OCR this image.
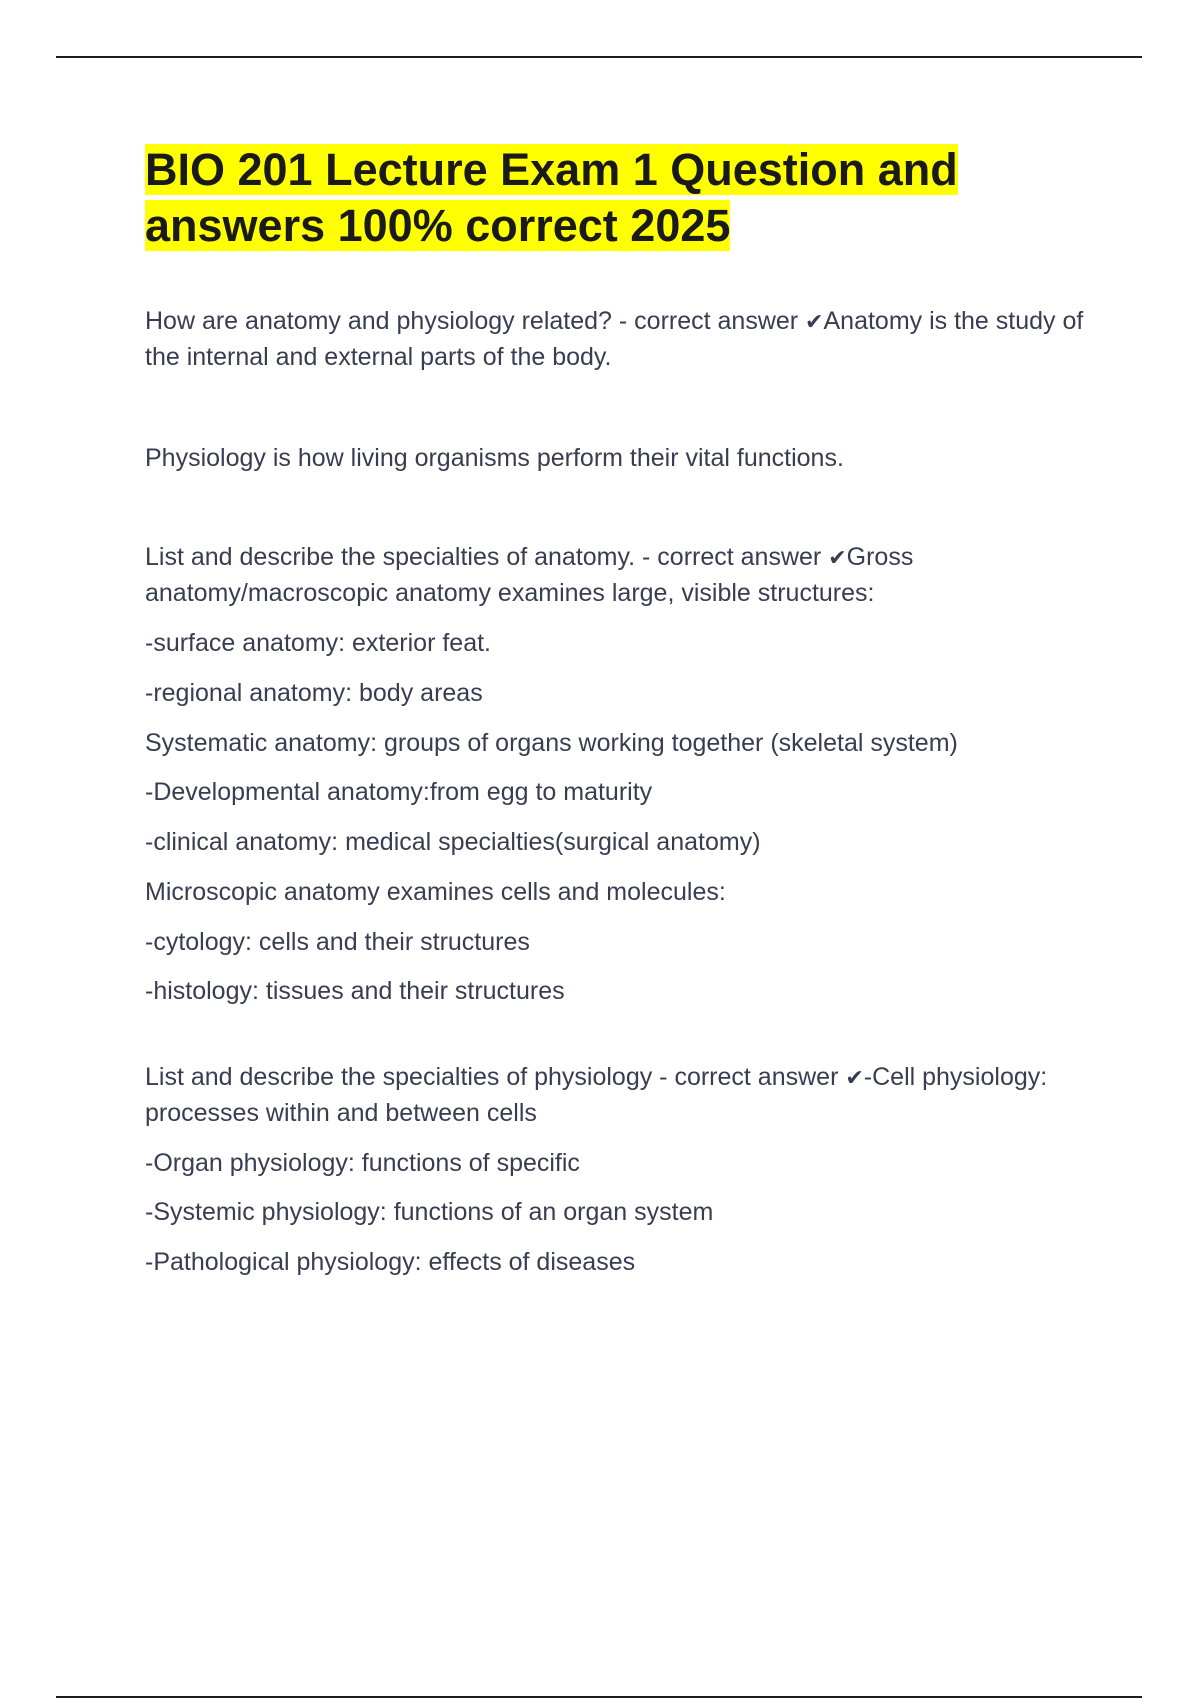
BIO 201 Lecture Exam 1 Question and answers 100% correct 2025

How are anatomy and physiology related? - correct answer ✔Anatomy is the study of the internal and external parts of the body.

Physiology is how living organisms perform their vital functions.

List and describe the specialties of anatomy. - correct answer ✔Gross anatomy/macroscopic anatomy examines large, visible structures:

-surface anatomy: exterior feat.

-regional anatomy: body areas

Systematic anatomy: groups of organs working together (skeletal system)

-Developmental anatomy:from egg to maturity

-clinical anatomy: medical specialties(surgical anatomy)

Microscopic anatomy examines cells and molecules:

-cytology: cells and their structures

-histology: tissues and their structures

List and describe the specialties of physiology - correct answer ✔-Cell physiology: processes within and between cells

-Organ physiology: functions of specific

-Systemic physiology: functions of an organ system

-Pathological physiology: effects of diseases
